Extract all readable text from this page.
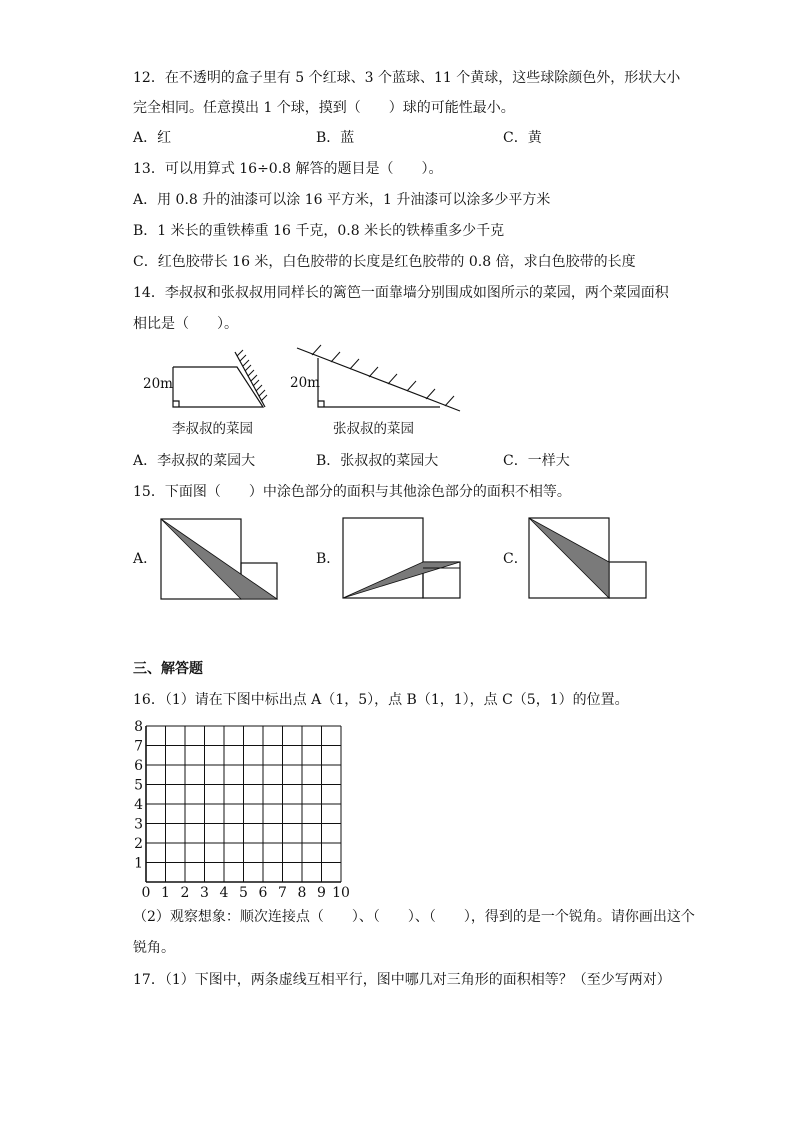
12．在不透明的盒子里有 5 个红球、3 个蓝球、11 个黄球，这些球除颜色外，形状大小
完全相同。任意摸出 1 个球，摸到（　　）球的可能性最小。
A．红	B．蓝	C．黄
13．可以用算式 16÷0.8 解答的题目是（　　）。
A．用 0.8 升的油漆可以涂 16 平方米，1 升油漆可以涂多少平方米
B．1 米长的重铁棒重 16 千克，0.8 米长的铁棒重多少千克
C．红色胶带长 16 米，白色胶带的长度是红色胶带的 0.8 倍，求白色胶带的长度
14．李叔叔和张叔叔用同样长的篱笆一面靠墙分别围成如图所示的菜园，两个菜园面积
相比是（　　）。
20m
李叔叔的菜园
20m
张叔叔的菜园
A．李叔叔的菜园大	B．张叔叔的菜园大	C．一样大
15．下面图（　　）中涂色部分的面积与其他涂色部分的面积不相等。
A．	B．	C．
三、解答题
16．（1）请在下图中标出点 A（1，5），点 B（1，1），点 C（5，1）的位置。
0 1 2 3 4 5 6 7 8 9 10
1
2
3
4
5
6
7
8
（2）观察想象：顺次连接点（　　）、（　　）、（　　），得到的是一个锐角。请你画出这个
锐角。
17．（1）下图中，两条虚线互相平行，图中哪几对三角形的面积相等？（至少写两对）
